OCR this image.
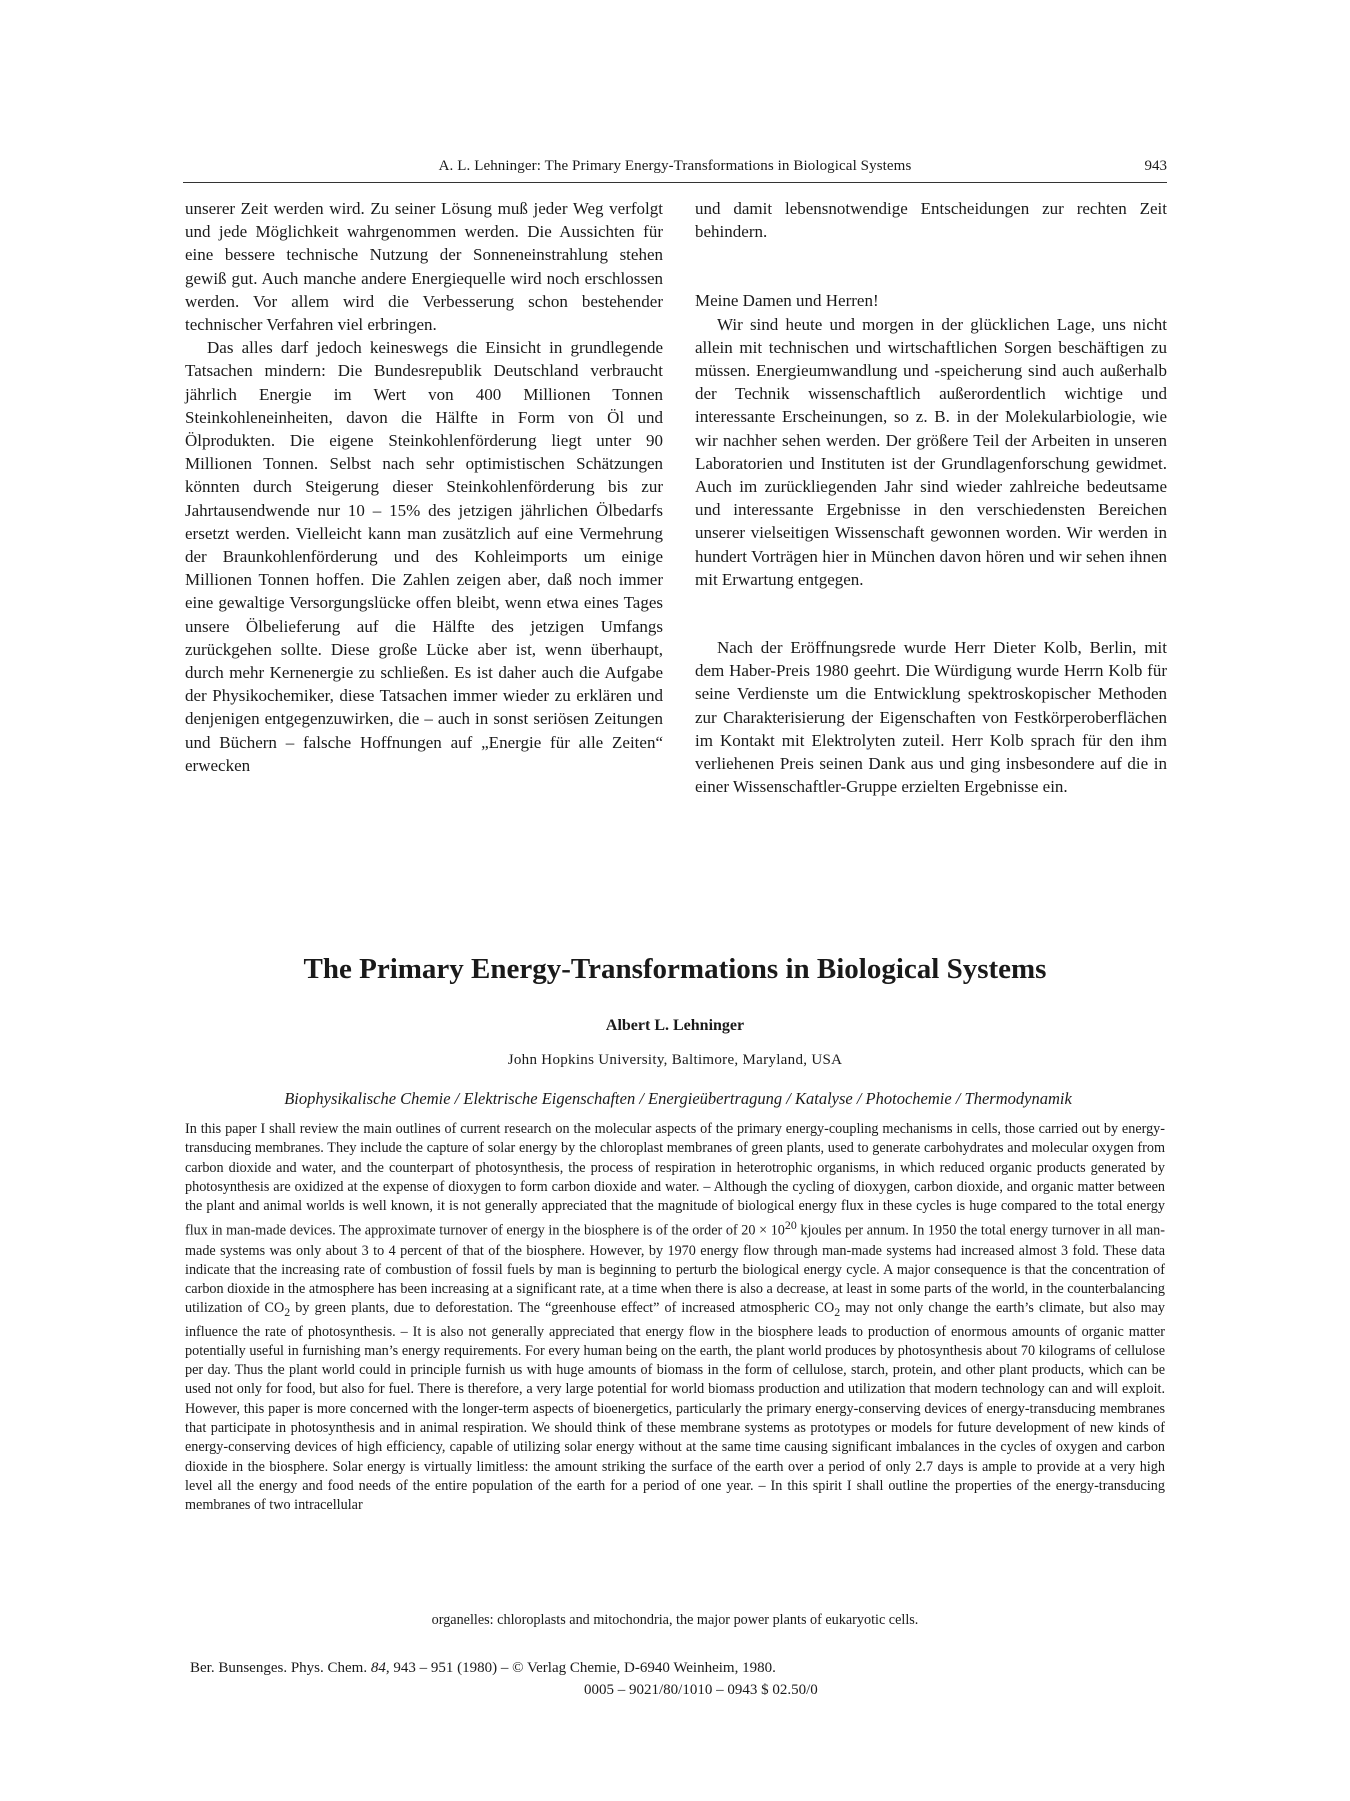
A. L. Lehninger: The Primary Energy-Transformations in Biological Systems	943

unserer Zeit werden wird. Zu seiner Lösung muß jeder Weg verfolgt und jede Möglichkeit wahrgenommen werden. Die Aussichten für eine bessere technische Nutzung der Sonneneinstrahlung stehen gewiß gut. Auch manche andere Energiequelle wird noch erschlossen werden. Vor allem wird die Verbesserung schon bestehender technischer Verfahren viel erbringen.

Das alles darf jedoch keineswegs die Einsicht in grundlegende Tatsachen mindern: Die Bundesrepublik Deutschland verbraucht jährlich Energie im Wert von 400 Millionen Tonnen Steinkohleneinheiten, davon die Hälfte in Form von Öl und Ölprodukten. Die eigene Steinkohlenförderung liegt unter 90 Millionen Tonnen. Selbst nach sehr optimistischen Schätzungen könnten durch Steigerung dieser Steinkohlenförderung bis zur Jahrtausendwende nur 10 – 15% des jetzigen jährlichen Ölbedarfs ersetzt werden. Vielleicht kann man zusätzlich auf eine Vermehrung der Braunkohlenförderung und des Kohleimports um einige Millionen Tonnen hoffen. Die Zahlen zeigen aber, daß noch immer eine gewaltige Versorgungslücke offen bleibt, wenn etwa eines Tages unsere Ölbelieferung auf die Hälfte des jetzigen Umfangs zurückgehen sollte. Diese große Lücke aber ist, wenn überhaupt, durch mehr Kernenergie zu schließen. Es ist daher auch die Aufgabe der Physikochemiker, diese Tatsachen immer wieder zu erklären und denjenigen entgegenzuwirken, die – auch in sonst seriösen Zeitungen und Büchern – falsche Hoffnungen auf „Energie für alle Zeiten“ erwecken

und damit lebensnotwendige Entscheidungen zur rechten Zeit behindern.

Meine Damen und Herren!

Wir sind heute und morgen in der glücklichen Lage, uns nicht allein mit technischen und wirtschaftlichen Sorgen beschäftigen zu müssen. Energieumwandlung und -speicherung sind auch außerhalb der Technik wissenschaftlich außerordentlich wichtige und interessante Erscheinungen, so z. B. in der Molekularbiologie, wie wir nachher sehen werden. Der größere Teil der Arbeiten in unseren Laboratorien und Instituten ist der Grundlagenforschung gewidmet. Auch im zurückliegenden Jahr sind wieder zahlreiche bedeutsame und interessante Ergebnisse in den verschiedensten Bereichen unserer vielseitigen Wissenschaft gewonnen worden. Wir werden in hundert Vorträgen hier in München davon hören und wir sehen ihnen mit Erwartung entgegen.

Nach der Eröffnungsrede wurde Herr Dieter Kolb, Berlin, mit dem Haber-Preis 1980 geehrt. Die Würdigung wurde Herrn Kolb für seine Verdienste um die Entwicklung spektroskopischer Methoden zur Charakterisierung der Eigenschaften von Festkörperoberflächen im Kontakt mit Elektrolyten zuteil. Herr Kolb sprach für den ihm verliehenen Preis seinen Dank aus und ging insbesondere auf die in einer Wissenschaftler-Gruppe erzielten Ergebnisse ein.

The Primary Energy-Transformations in Biological Systems
Albert L. Lehninger
John Hopkins University, Baltimore, Maryland, USA
Biophysikalische Chemie / Elektrische Eigenschaften / Energieübertragung / Katalyse / Photochemie / Thermodynamik

In this paper I shall review the main outlines of current research on the molecular aspects of the primary energy-coupling mechanisms in cells, those carried out by energy-transducing membranes. They include the capture of solar energy by the chloroplast membranes of green plants, used to generate carbohydrates and molecular oxygen from carbon dioxide and water, and the counterpart of photosynthesis, the process of respiration in heterotrophic organisms, in which reduced organic products generated by photosynthesis are oxidized at the expense of dioxygen to form carbon dioxide and water. – Although the cycling of dioxygen, carbon dioxide, and organic matter between the plant and animal worlds is well known, it is not generally appreciated that the magnitude of biological energy flux in these cycles is huge compared to the total energy flux in man-made devices. The approximate turnover of energy in the biosphere is of the order of $20 \times 10^{20}$ kjoules per annum. In 1950 the total energy turnover in all man-made systems was only about 3 to 4 percent of that of the biosphere. However, by 1970 energy flow through man-made systems had increased almost 3 fold. These data indicate that the increasing rate of combustion of fossil fuels by man is beginning to perturb the biological energy cycle. A major consequence is that the concentration of carbon dioxide in the atmosphere has been increasing at a significant rate, at a time when there is also a decrease, at least in some parts of the world, in the counterbalancing utilization of $CO_2$ by green plants, due to deforestation. The “greenhouse effect” of increased atmospheric $CO_2$ may not only change the earth’s climate, but also may influence the rate of photosynthesis. – It is also not generally appreciated that energy flow in the biosphere leads to production of enormous amounts of organic matter potentially useful in furnishing man’s energy requirements. For every human being on the earth, the plant world produces by photosynthesis about 70 kilograms of cellulose per day. Thus the plant world could in principle furnish us with huge amounts of biomass in the form of cellulose, starch, protein, and other plant products, which can be used not only for food, but also for fuel. There is therefore, a very large potential for world biomass production and utilization that modern technology can and will exploit. However, this paper is more concerned with the longer-term aspects of bioenergetics, particularly the primary energy-conserving devices of energy-transducing membranes that participate in photosynthesis and in animal respiration. We should think of these membrane systems as prototypes or models for future development of new kinds of energy-conserving devices of high efficiency, capable of utilizing solar energy without at the same time causing significant imbalances in the cycles of oxygen and carbon dioxide in the biosphere. Solar energy is virtually limitless: the amount striking the surface of the earth over a period of only 2.7 days is ample to provide at a very high level all the energy and food needs of the entire population of the earth for a period of one year. – In this spirit I shall outline the properties of the energy-transducing membranes of two intracellular

organelles: chloroplasts and mitochondria, the major power plants of eukaryotic cells.
Ber. Bunsenges. Phys. Chem. 84, 943 – 951 (1980) – © Verlag Chemie, D-6940 Weinheim, 1980.
0005 – 9021/80/1010 – 0943 $ 02.50/0
